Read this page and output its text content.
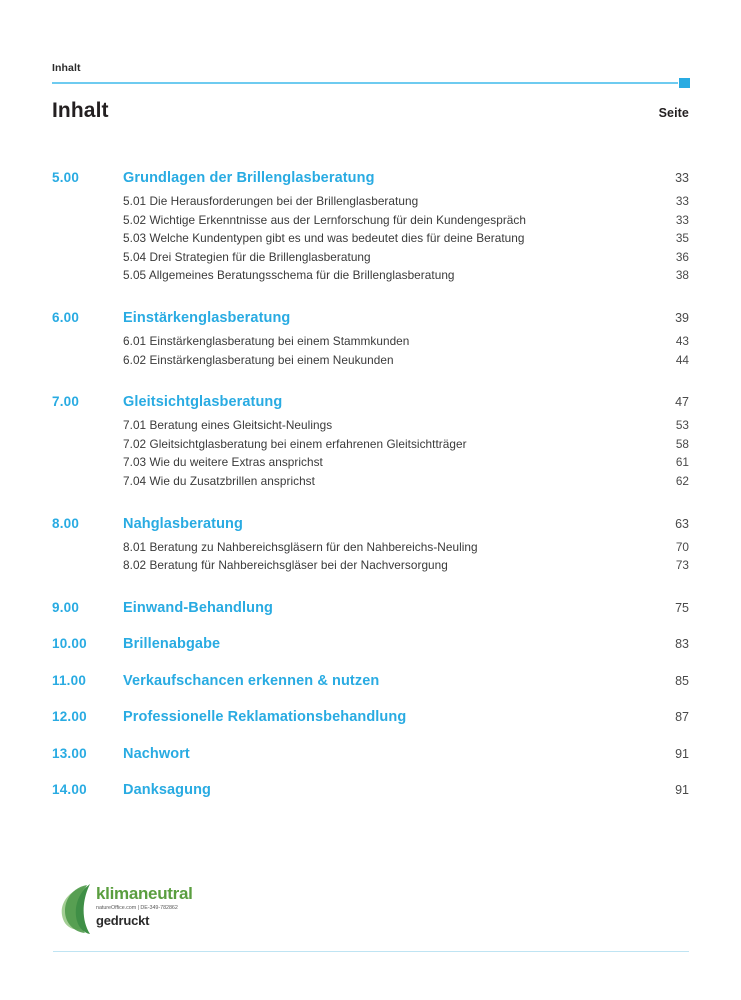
Inhalt
Inhalt	Seite
5.00	Grundlagen der Brillenglasberatung	33
5.01 Die Herausforderungen bei der Brillenglasberatung	33
5.02 Wichtige Erkenntnisse aus der Lernforschung für dein Kundengespräch	33
5.03 Welche Kundentypen gibt es und was bedeutet dies für deine Beratung	35
5.04 Drei Strategien für die Brillenglasberatung	36
5.05 Allgemeines Beratungsschema für die Brillenglasberatung	38
6.00	Einstärkenglasberatung	39
6.01 Einstärkenglasberatung bei einem Stammkunden	43
6.02 Einstärkenglasberatung bei einem Neukunden	44
7.00	Gleitsichtglasberatung	47
7.01 Beratung eines Gleitsicht-Neulings	53
7.02 Gleitsichtglasberatung bei einem erfahrenen Gleitsichtträger	58
7.03 Wie du weitere Extras ansprichst	61
7.04 Wie du Zusatzbrillen ansprichst	62
8.00	Nahglasberatung	63
8.01 Beratung zu Nahbereichsgläsern für den Nahbereichs-Neuling	70
8.02 Beratung für Nahbereichsgläser bei der Nachversorgung	73
9.00	Einwand-Behandlung	75
10.00	Brillenabgabe	83
11.00	Verkaufschancen erkennen & nutzen	85
12.00	Professionelle Reklamationsbehandlung	87
13.00	Nachwort	91
14.00	Danksagung	91
klimaneutral
natureOffice.com | DE-349-782862
gedruckt
